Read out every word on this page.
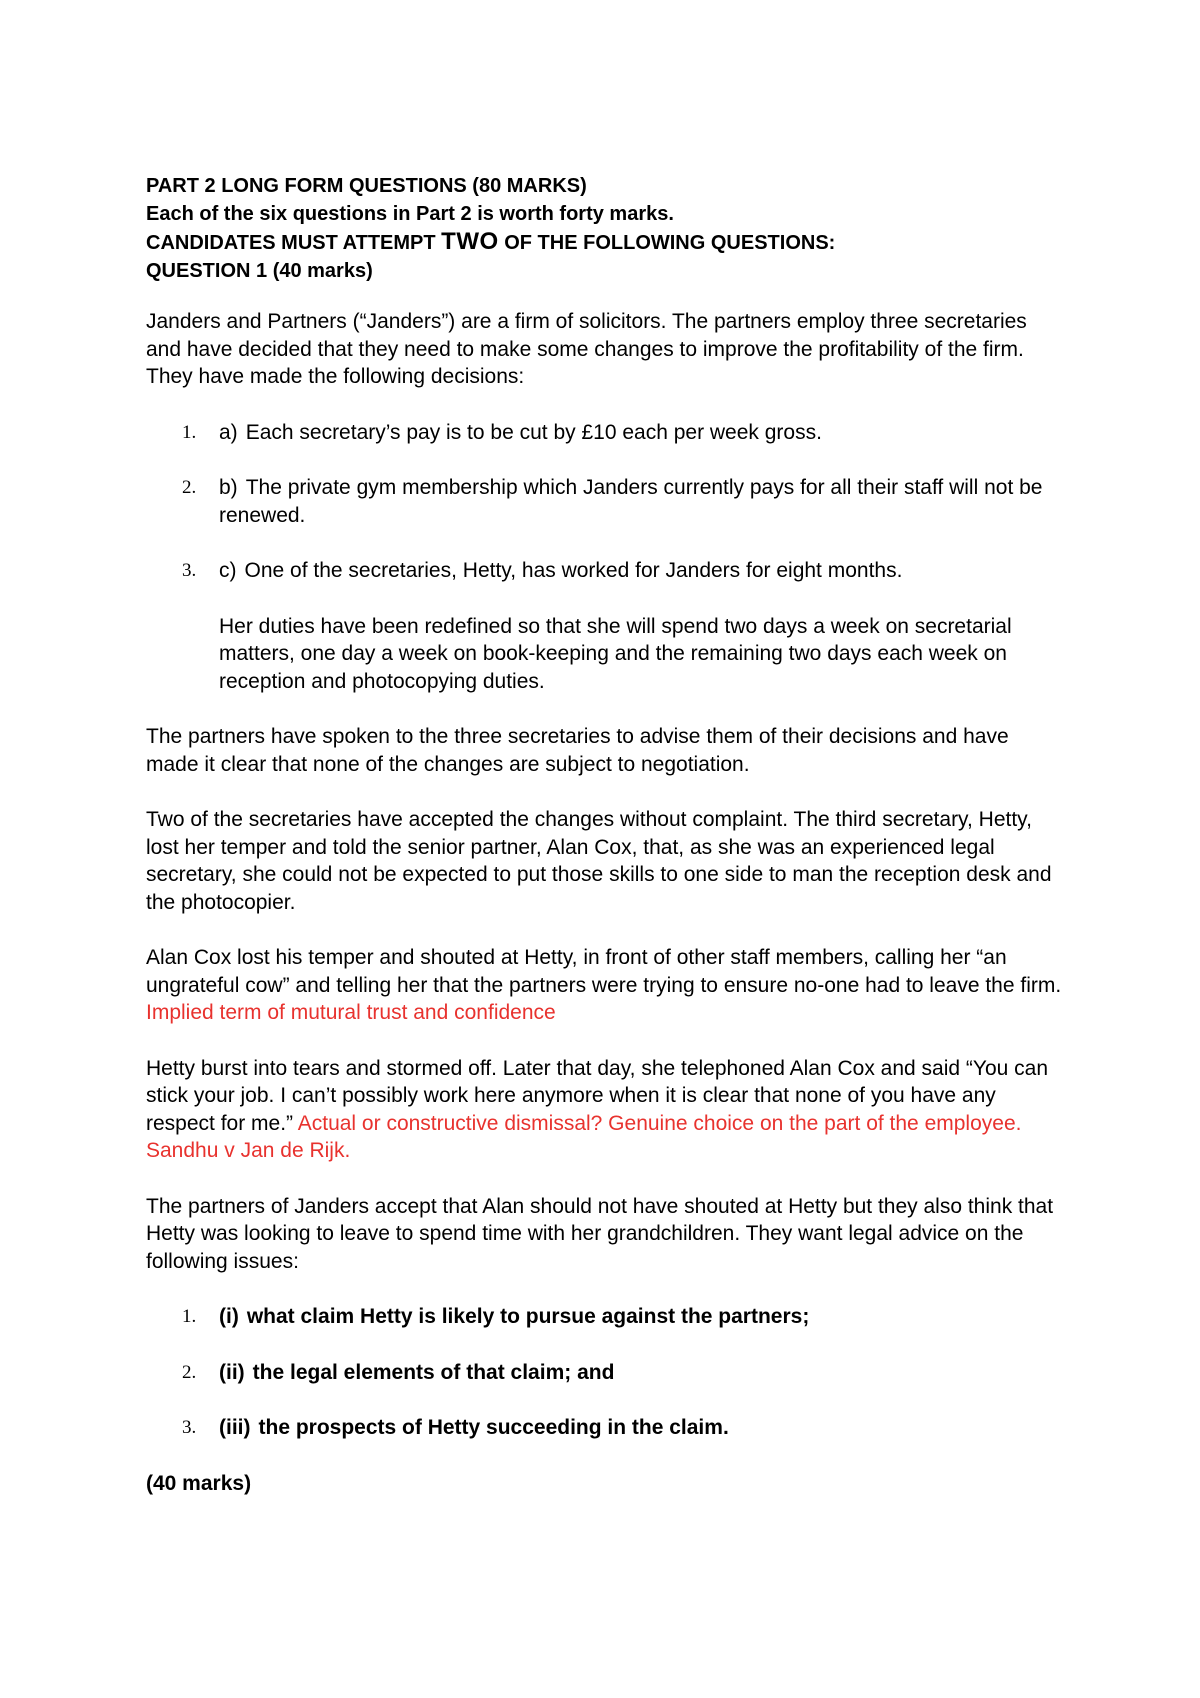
PART 2 LONG FORM QUESTIONS (80 MARKS)

Each of the six questions in Part 2 is worth forty marks.

CANDIDATES MUST ATTEMPT TWO OF THE FOLLOWING QUESTIONS:

QUESTION 1 (40 marks)

Janders and Partners (“Janders”) are a firm of solicitors. The partners employ three secretaries and have decided that they need to make some changes to improve the profitability of the firm. They have made the following decisions:

1. a) Each secretary’s pay is to be cut by £10 each per week gross.
2. b) The private gym membership which Janders currently pays for all their staff will not be renewed.
3. c) One of the secretaries, Hetty, has worked for Janders for eight months.

Her duties have been redefined so that she will spend two days a week on secretarial matters, one day a week on book-keeping and the remaining two days each week on reception and photocopying duties.

The partners have spoken to the three secretaries to advise them of their decisions and have made it clear that none of the changes are subject to negotiation.

Two of the secretaries have accepted the changes without complaint. The third secretary, Hetty, lost her temper and told the senior partner, Alan Cox, that, as she was an experienced legal secretary, she could not be expected to put those skills to one side to man the reception desk and the photocopier.

Alan Cox lost his temper and shouted at Hetty, in front of other staff members, calling her “an ungrateful cow” and telling her that the partners were trying to ensure no-one had to leave the firm. Implied term of mutural trust and confidence

Hetty burst into tears and stormed off. Later that day, she telephoned Alan Cox and said “You can stick your job. I can’t possibly work here anymore when it is clear that none of you have any respect for me.” Actual or constructive dismissal? Genuine choice on the part of the employee. Sandhu v Jan de Rijk.

The partners of Janders accept that Alan should not have shouted at Hetty but they also think that Hetty was looking to leave to spend time with her grandchildren. They want legal advice on the following issues:

1. (i) what claim Hetty is likely to pursue against the partners;
2. (ii) the legal elements of that claim; and
3. (iii) the prospects of Hetty succeeding in the claim.

(40 marks)
